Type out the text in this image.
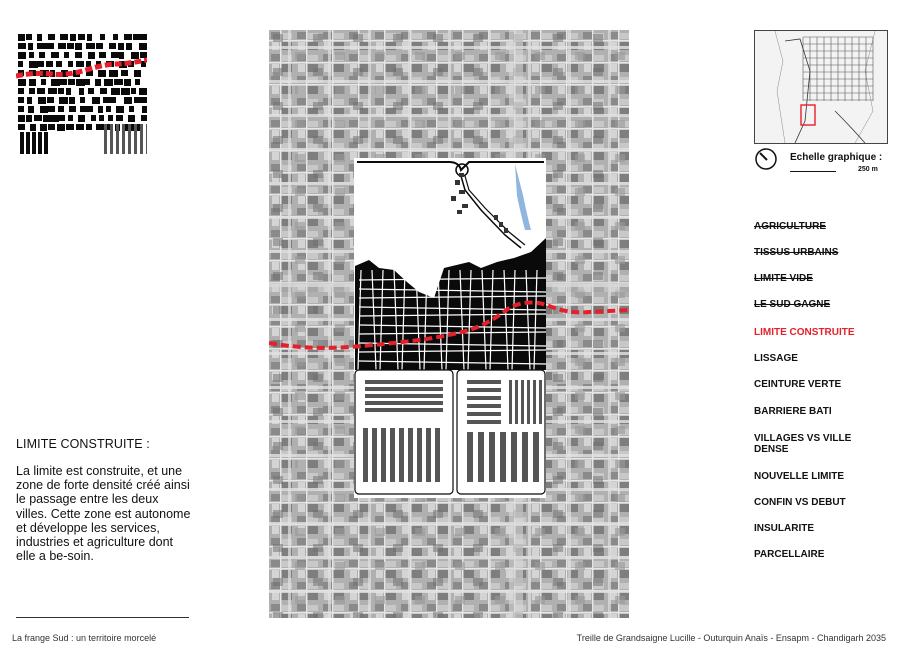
Echelle graphique :
250 m
AGRICULTURE
TISSUS URBAINS
LIMITE VIDE
LE SUD GAGNE
LIMITE CONSTRUITE
LISSAGE
CEINTURE VERTE
BARRIERE BATI
VILLAGES VS VILLE DENSE
NOUVELLE LIMITE
CONFIN VS DEBUT
INSULARITE
PARCELLAIRE
LIMITE CONSTRUITE :
La limite est construite, et une zone de forte densité créé ainsi le passage entre les deux villes. Cette zone est autonome et développe les services, industries et agriculture dont elle a be-soin.
La frange Sud : un territoire morcelé	Treille de Grandsaigne Lucille - Outurquin Anaïs - Ensapm - Chandigarh 2035
